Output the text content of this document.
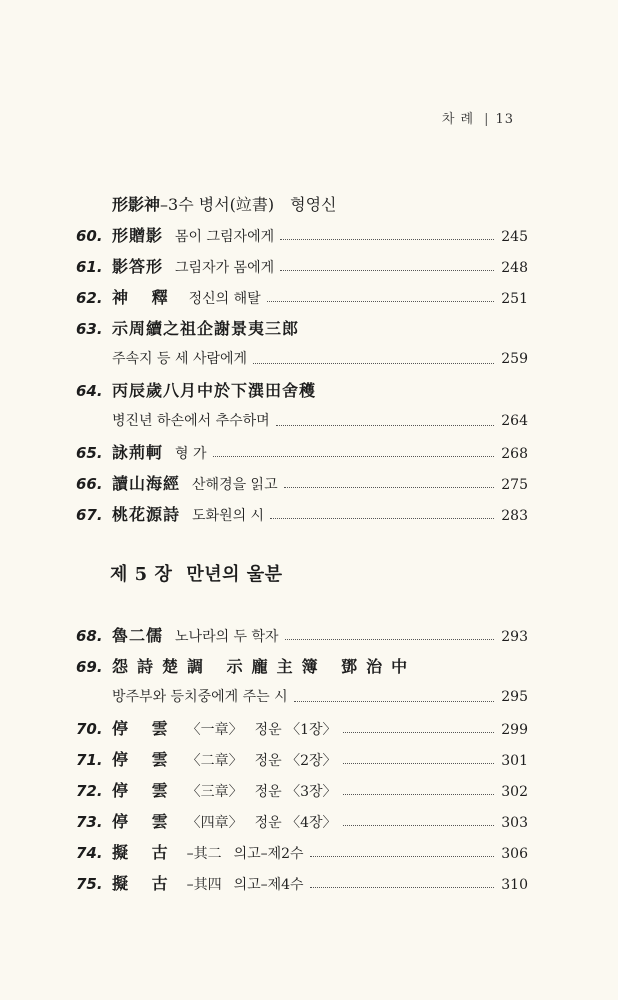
차 례 | 13
形影神–3수 병서(竝書) 형영신
60. 形贈影 몸이 그림자에게	245
61. 影答形 그림자가 몸에게	248
62. 神 釋 정신의 해탈	251
63. 示周續之祖企謝景夷三郎
주속지 등 세 사람에게	259
64. 丙辰歲八月中於下潠田舍穫
병진년 하손에서 추수하며	264
65. 詠荊軻 형 가	268
66. 讀山海經 산해경을 읽고	275
67. 桃花源詩 도화원의 시	283
제 5 장 만년의 울분
68. 魯二儒 노나라의 두 학자	293
69. 怨詩楚調 示龐主簿 鄧治中
방주부와 등치중에게 주는 시	295
70. 停 雲 〈一章〉 정운 〈1장〉	299
71. 停 雲 〈二章〉 정운 〈2장〉	301
72. 停 雲 〈三章〉 정운 〈3장〉	302
73. 停 雲 〈四章〉 정운 〈4장〉	303
74. 擬 古 –其二 의고–제2수	306
75. 擬 古 –其四 의고–제4수	310
